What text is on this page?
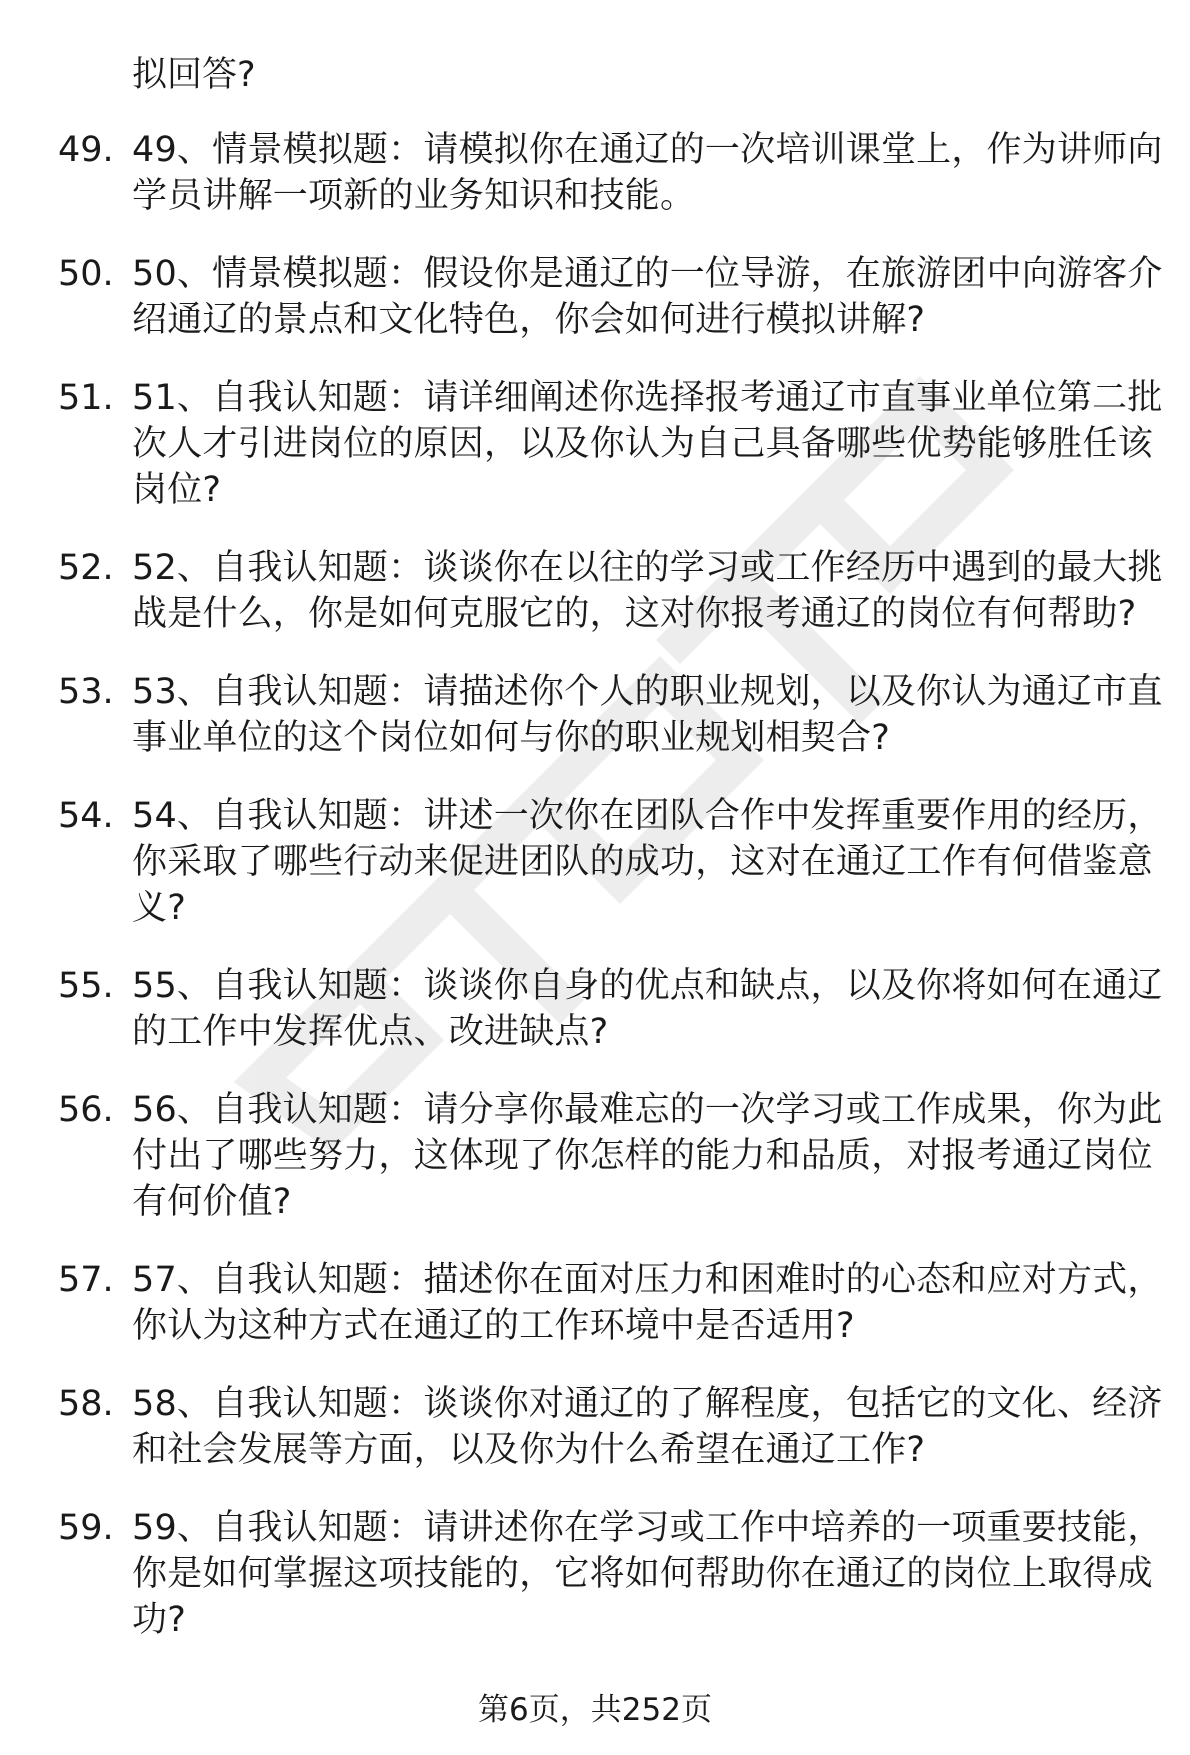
拟回答?
49. 49、情景模拟题：请模拟你在通辽的一次培训课堂上，作为讲师向学员讲解一项新的业务知识和技能。
50. 50、情景模拟题：假设你是通辽的一位导游，在旅游团中向游客介绍通辽的景点和文化特色，你会如何进行模拟讲解?
51. 51、自我认知题：请详细阐述你选择报考通辽市直事业单位第二批次人才引进岗位的原因，以及你认为自己具备哪些优势能够胜任该岗位?
52. 52、自我认知题：谈谈你在以往的学习或工作经历中遇到的最大挑战是什么，你是如何克服它的，这对你报考通辽的岗位有何帮助?
53. 53、自我认知题：请描述你个人的职业规划，以及你认为通辽市直事业单位的这个岗位如何与你的职业规划相契合?
54. 54、自我认知题：讲述一次你在团队合作中发挥重要作用的经历，你采取了哪些行动来促进团队的成功，这对在通辽工作有何借鉴意义?
55. 55、自我认知题：谈谈你自身的优点和缺点，以及你将如何在通辽的工作中发挥优点、改进缺点?
56. 56、自我认知题：请分享你最难忘的一次学习或工作成果，你为此付出了哪些努力，这体现了你怎样的能力和品质，对报考通辽岗位有何价值?
57. 57、自我认知题：描述你在面对压力和困难时的心态和应对方式，你认为这种方式在通辽的工作环境中是否适用?
58. 58、自我认知题：谈谈你对通辽的了解程度，包括它的文化、经济和社会发展等方面，以及你为什么希望在通辽工作?
59. 59、自我认知题：请讲述你在学习或工作中培养的一项重要技能，你是如何掌握这项技能的，它将如何帮助你在通辽的岗位上取得成功?
第6页，共252页
